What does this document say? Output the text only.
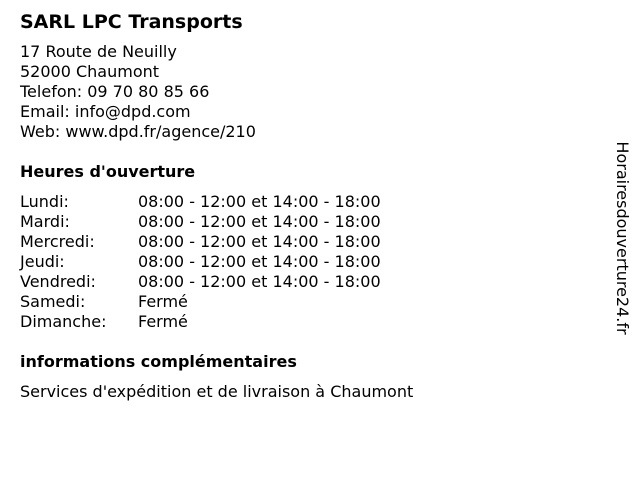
SARL LPC Transports
17 Route de Neuilly
52000 Chaumont
Telefon: 09 70 80 85 66
Email: info@dpd.com
Web: www.dpd.fr/agence/210
Heures d'ouverture
Lundi:	08:00 - 12:00 et 14:00 - 18:00
Mardi:	08:00 - 12:00 et 14:00 - 18:00
Mercredi:	08:00 - 12:00 et 14:00 - 18:00
Jeudi:	08:00 - 12:00 et 14:00 - 18:00
Vendredi:	08:00 - 12:00 et 14:00 - 18:00
Samedi:	Fermé
Dimanche:	Fermé
informations complémentaires
Services d'expédition et de livraison à Chaumont
Horairesdouverture24.fr
